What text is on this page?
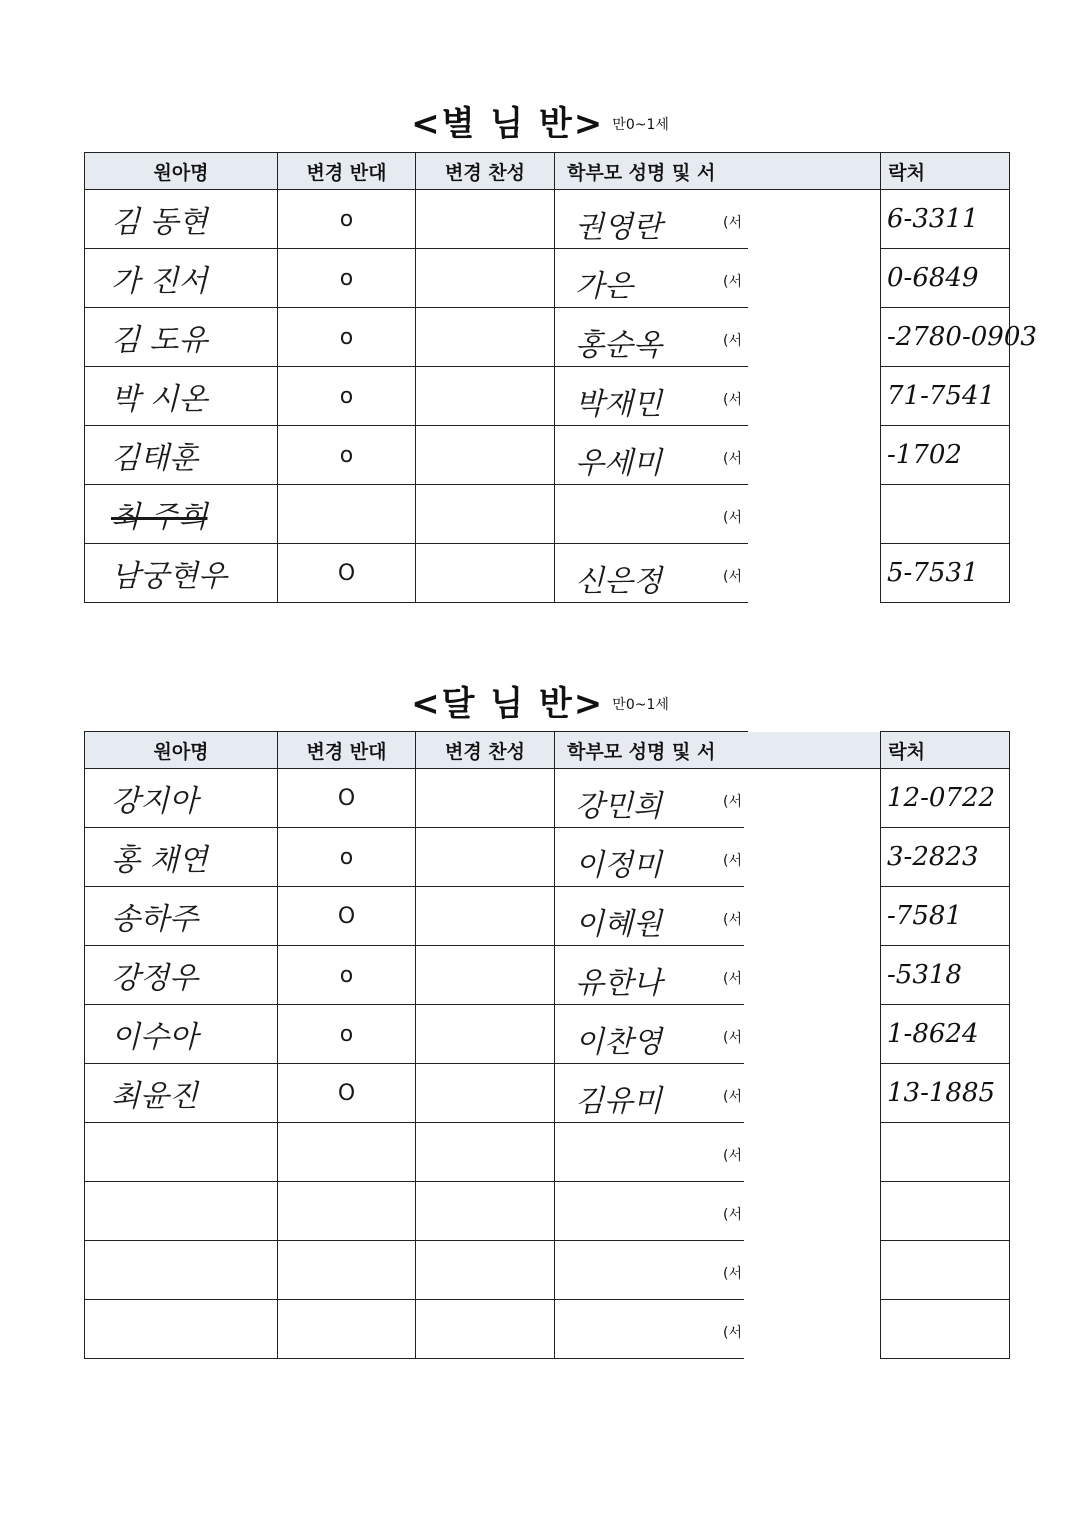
<별 님 반> $^{만0\sim 1세}$
원아명	변경 반대	변경 찬성	학부모 성명 및 서	락처
김 동현	o		권영란 (서	6-3311
가 진서	o		가은 (서	0-6849
김 도유	o		홍순옥 (서	-2780-0903
박 시온	o		박재민 (서	71-7541
김태훈	o		우세미 (서	-1702
최 주희			(서	

남궁현우	O		신은정 (서	5-7531
<달 님 반> $^{만0\sim 1세}$
원아명	변경 반대	변경 찬성	학부모 성명 및 서	락처
강지아	O		강민희 (서	12-0722
홍 채연	o		이정미 (서	3-2823
송하주	O		이혜원 (서	-7581
강정우	o		유한나 (서	-5318
이수아	o		이찬영 (서	1-8624
최윤진	O		김유미 (서	13-1885

			(서	

			(서	

			(서	

			(서	
